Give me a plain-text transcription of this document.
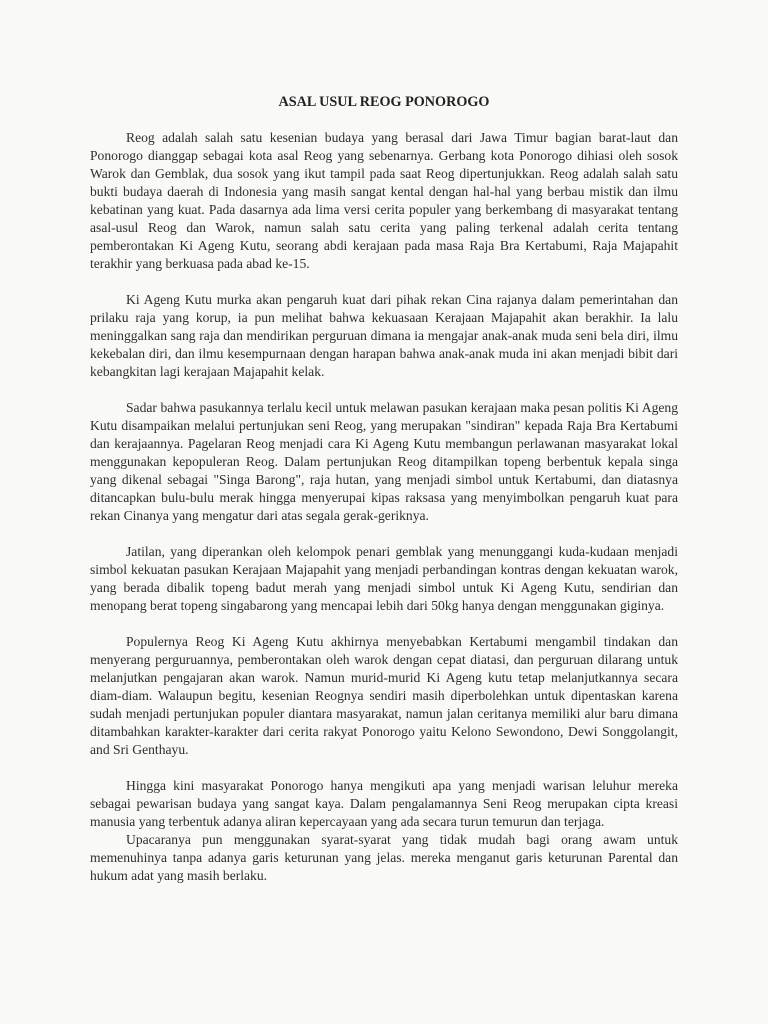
ASAL USUL REOG PONOROGO

Reog adalah salah satu kesenian budaya yang berasal dari Jawa Timur bagian barat-laut dan Ponorogo dianggap sebagai kota asal Reog yang sebenarnya. Gerbang kota Ponorogo dihiasi oleh sosok Warok dan Gemblak, dua sosok yang ikut tampil pada saat Reog dipertunjukkan. Reog adalah salah satu bukti budaya daerah di Indonesia yang masih sangat kental dengan hal-hal yang berbau mistik dan ilmu kebatinan yang kuat. Pada dasarnya ada lima versi cerita populer yang berkembang di masyarakat tentang asal-usul Reog dan Warok, namun salah satu cerita yang paling terkenal adalah cerita tentang pemberontakan Ki Ageng Kutu, seorang abdi kerajaan pada masa Raja Bra Kertabumi, Raja Majapahit terakhir yang berkuasa pada abad ke-15.

Ki Ageng Kutu murka akan pengaruh kuat dari pihak rekan Cina rajanya dalam pemerintahan dan prilaku raja yang korup, ia pun melihat bahwa kekuasaan Kerajaan Majapahit akan berakhir. Ia lalu meninggalkan sang raja dan mendirikan perguruan dimana ia mengajar anak-anak muda seni bela diri, ilmu kekebalan diri, dan ilmu kesempurnaan dengan harapan bahwa anak-anak muda ini akan menjadi bibit dari kebangkitan lagi kerajaan Majapahit kelak.

Sadar bahwa pasukannya terlalu kecil untuk melawan pasukan kerajaan maka pesan politis Ki Ageng Kutu disampaikan melalui pertunjukan seni Reog, yang merupakan "sindiran" kepada Raja Bra Kertabumi dan kerajaannya. Pagelaran Reog menjadi cara Ki Ageng Kutu membangun perlawanan masyarakat lokal menggunakan kepopuleran Reog. Dalam pertunjukan Reog ditampilkan topeng berbentuk kepala singa yang dikenal sebagai "Singa Barong", raja hutan, yang menjadi simbol untuk Kertabumi, dan diatasnya ditancapkan bulu-bulu merak hingga menyerupai kipas raksasa yang menyimbolkan pengaruh kuat para rekan Cinanya yang mengatur dari atas segala gerak-geriknya.

Jatilan, yang diperankan oleh kelompok penari gemblak yang menunggangi kuda-kudaan menjadi simbol kekuatan pasukan Kerajaan Majapahit yang menjadi perbandingan kontras dengan kekuatan warok, yang berada dibalik topeng badut merah yang menjadi simbol untuk Ki Ageng Kutu, sendirian dan menopang berat topeng singabarong yang mencapai lebih dari 50kg hanya dengan menggunakan giginya.

Populernya Reog Ki Ageng Kutu akhirnya menyebabkan Kertabumi mengambil tindakan dan menyerang perguruannya, pemberontakan oleh warok dengan cepat diatasi, dan perguruan dilarang untuk melanjutkan pengajaran akan warok. Namun murid-murid Ki Ageng kutu tetap melanjutkannya secara diam-diam. Walaupun begitu, kesenian Reognya sendiri masih diperbolehkan untuk dipentaskan karena sudah menjadi pertunjukan populer diantara masyarakat, namun jalan ceritanya memiliki alur baru dimana ditambahkan karakter-karakter dari cerita rakyat Ponorogo yaitu Kelono Sewondono, Dewi Songgolangit, and Sri Genthayu.

Hingga kini masyarakat Ponorogo hanya mengikuti apa yang menjadi warisan leluhur mereka sebagai pewarisan budaya yang sangat kaya. Dalam pengalamannya Seni Reog merupakan cipta kreasi manusia yang terbentuk adanya aliran kepercayaan yang ada secara turun temurun dan terjaga.

Upacaranya pun menggunakan syarat-syarat yang tidak mudah bagi orang awam untuk memenuhinya tanpa adanya garis keturunan yang jelas. mereka menganut garis keturunan Parental dan hukum adat yang masih berlaku.
